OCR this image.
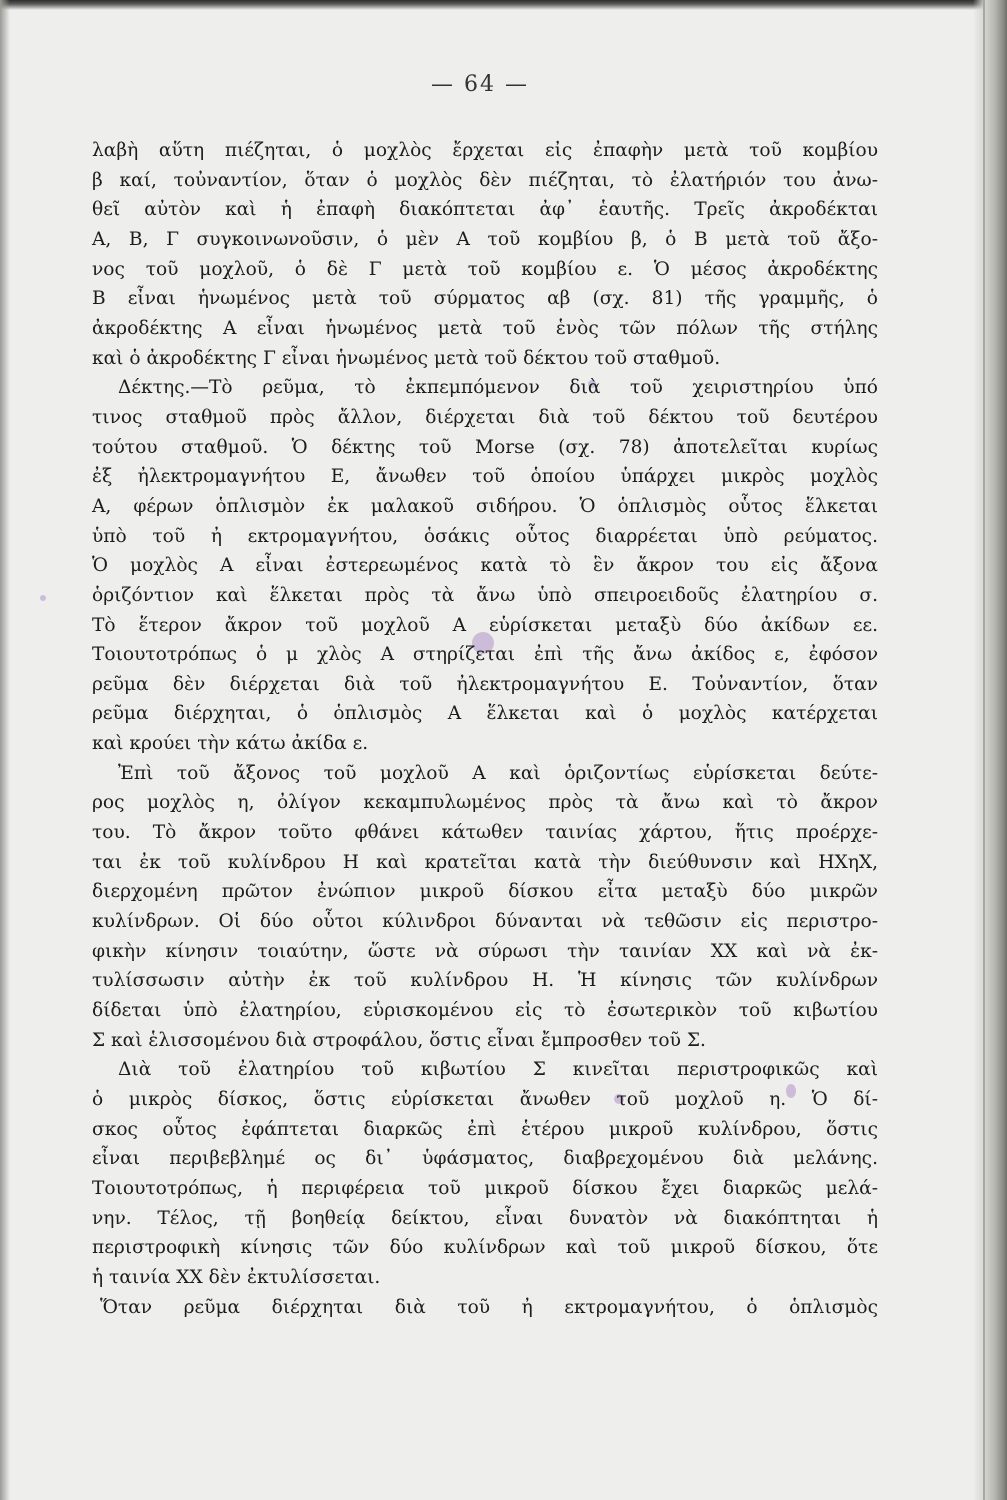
— 64 —
λαβὴ αὕτη πιέζηται, ὁ μοχλὸς ἔρχεται εἰς ἐπαφὴν μετὰ τοῦ κομβίου
β καί, τοὐναντίον, ὅταν ὁ μοχλὸς δὲν πιέζηται, τὸ ἐλατήριόν του ἀνω-
θεῖ αὐτὸν καὶ ἡ ἐπαφὴ διακόπτεται ἀφ᾽ ἑαυτῆς. Τρεῖς ἀκροδέκται
Α, Β, Γ συγκοινωνοῦσιν, ὁ μὲν Α τοῦ κομβίου β, ὁ Β μετὰ τοῦ ἄξο-
νος τοῦ μοχλοῦ, ὁ δὲ Γ μετὰ τοῦ κομβίου ε. Ὁ μέσος ἀκροδέκτης
Β εἶναι ἡνωμένος μετὰ τοῦ σύρματος αβ (σχ. 81) τῆς γραμμῆς, ὁ
ἀκροδέκτης Α εἶναι ἡνωμένος μετὰ τοῦ ἑνὸς τῶν πόλων τῆς στήλης
καὶ ὁ ἀκροδέκτης Γ εἶναι ἡνωμένος μετὰ τοῦ δέκτου τοῦ σταθμοῦ.
Δέκτης.—Τὸ ρεῦμα, τὸ ἐκπεμπόμενον διὰ τοῦ χειριστηρίου ὑπό
τινος σταθμοῦ πρὸς ἄλλον, διέρχεται διὰ τοῦ δέκτου τοῦ δευτέρου
τούτου σταθμοῦ. Ὁ δέκτης τοῦ Morse (σχ. 78) ἀποτελεῖται κυρίως
ἐξ ἠλεκτρομαγνήτου Ε, ἄνωθεν τοῦ ὁποίου ὑπάρχει μικρὸς μοχλὸς
Α, φέρων ὁπλισμὸν ἐκ μαλακοῦ σιδήρου. Ὁ ὁπλισμὸς οὗτος ἕλκεται
ὑπὸ τοῦ ἠ εκτρομαγνήτου, ὁσάκις οὗτος διαρρέεται ὑπὸ ρεύματος.
Ὁ μοχλὸς Α εἶναι ἐστερεωμένος κατὰ τὸ ἓν ἄκρον του εἰς ἄξονα
ὁριζόντιον καὶ ἕλκεται πρὸς τὰ ἄνω ὑπὸ σπειροειδοῦς ἐλατηρίου σ.
Τὸ ἕτερον ἄκρον τοῦ μοχλοῦ Α εὑρίσκεται μεταξὺ δύο ἀκίδων εε.
Τοιουτοτρόπως ὁ μ χλὸς Α στηρίζεται ἐπὶ τῆς ἄνω ἀκίδος ε, ἐφόσον
ρεῦμα δὲν διέρχεται διὰ τοῦ ἠλεκτρομαγνήτου Ε. Τοὐναντίον, ὅταν
ρεῦμα διέρχηται, ὁ ὁπλισμὸς Α ἕλκεται καὶ ὁ μοχλὸς κατέρχεται
καὶ κρούει τὴν κάτω ἀκίδα ε.
Ἐπὶ τοῦ ἄξονος τοῦ μοχλοῦ Α καὶ ὁριζοντίως εὑρίσκεται δεύτε-
ρος μοχλὸς η, ὀλίγον κεκαμπυλωμένος πρὸς τὰ ἄνω καὶ τὸ ἄκρον
του. Τὸ ἄκρον τοῦτο φθάνει κάτωθεν ταινίας χάρτου, ἥτις προέρχε-
ται ἐκ τοῦ κυλίνδρου Η καὶ κρατεῖται κατὰ τὴν διεύθυνσιν καὶ ΗΧηΧ,
διερχομένη πρῶτον ἐνώπιον μικροῦ δίσκου εἶτα μεταξὺ δύο μικρῶν
κυλίνδρων. Οἱ δύο οὗτοι κύλινδροι δύνανται νὰ τεθῶσιν εἰς περιστρο-
φικὴν κίνησιν τοιαύτην, ὥστε νὰ σύρωσι τὴν ταινίαν ΧΧ καὶ νὰ ἐκ-
τυλίσσωσιν αὐτὴν ἐκ τοῦ κυλίνδρου Η. Ἡ κίνησις τῶν κυλίνδρων
δίδεται ὑπὸ ἐλατηρίου, εὑρισκομένου εἰς τὸ ἐσωτερικὸν τοῦ κιβωτίου
Σ καὶ ἑλισσομένου διὰ στροφάλου, ὅστις εἶναι ἔμπροσθεν τοῦ Σ.
Διὰ τοῦ ἐλατηρίου τοῦ κιβωτίου Σ κινεῖται περιστροφικῶς καὶ
ὁ μικρὸς δίσκος, ὅστις εὑρίσκεται ἄνωθεν τοῦ μοχλοῦ η. Ὁ δί-
σκος οὗτος ἐφάπτεται διαρκῶς ἐπὶ ἑτέρου μικροῦ κυλίνδρου, ὅστις
εἶναι περιβεβλημέ ος δι᾽ ὑφάσματος, διαβρεχομένου διὰ μελάνης.
Τοιουτοτρόπως, ἡ περιφέρεια τοῦ μικροῦ δίσκου ἔχει διαρκῶς μελά-
νην. Τέλος, τῇ βοηθείᾳ δείκτου, εἶναι δυνατὸν νὰ διακόπτηται ἡ
περιστροφικὴ κίνησις τῶν δύο κυλίνδρων καὶ τοῦ μικροῦ δίσκου, ὅτε
ἡ ταινία ΧΧ δὲν ἐκτυλίσσεται.
Ὅταν ρεῦμα διέρχηται διὰ τοῦ ἠ εκτρομαγνήτου, ὁ ὁπλισμὸς
